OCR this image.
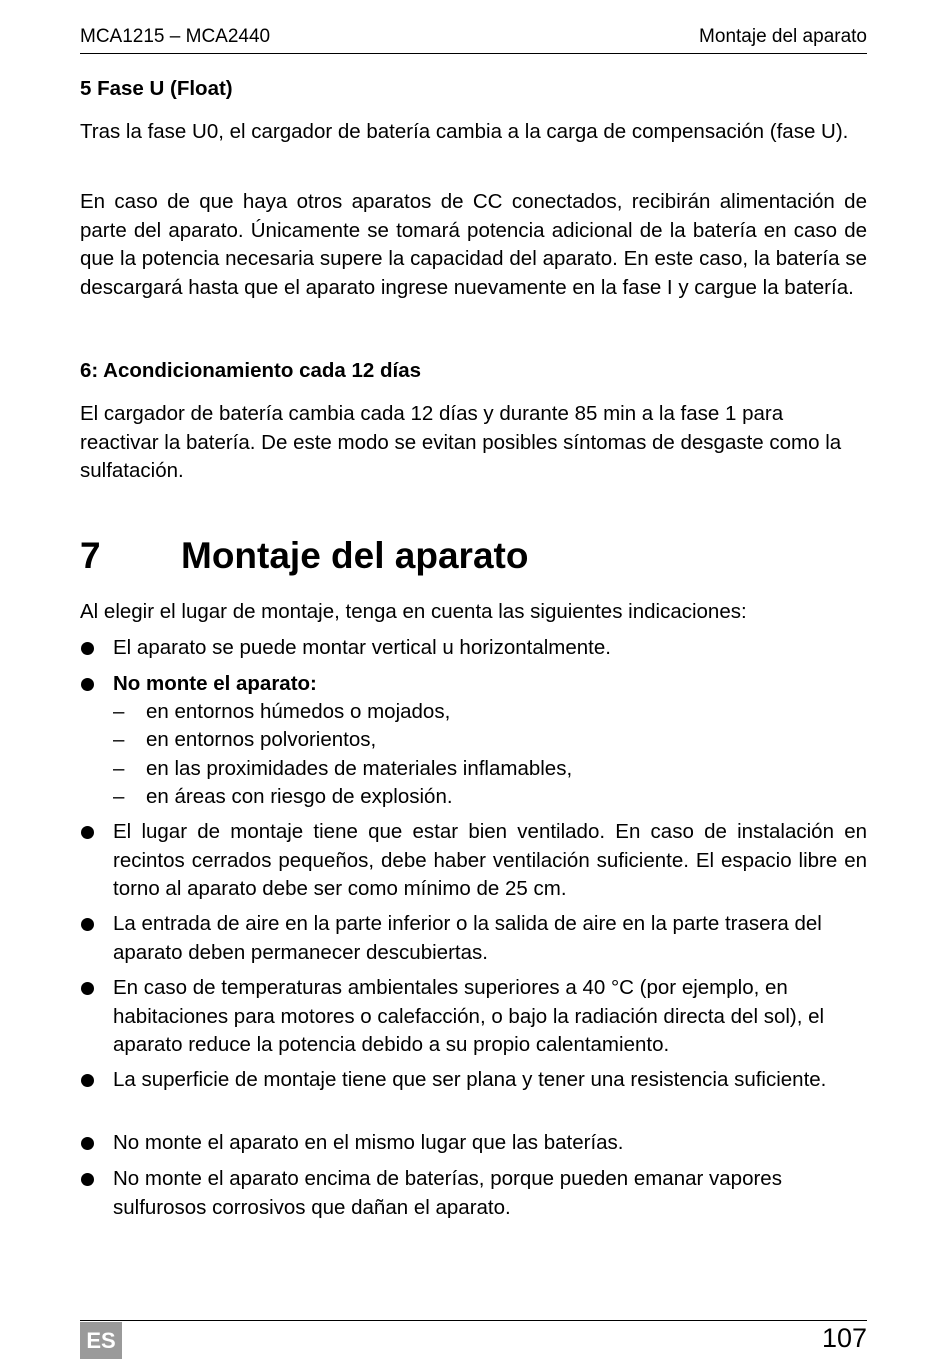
MCA1215 – MCA2440	Montaje del aparato
5 Fase U (Float)
Tras la fase U0, el cargador de batería cambia a la carga de compensación (fase U).
En caso de que haya otros aparatos de CC conectados, recibirán alimentación de parte del aparato. Únicamente se tomará potencia adicional de la batería en caso de que la potencia necesaria supere la capacidad del aparato. En este caso, la batería se descargará hasta que el aparato ingrese nuevamente en la fase I y cargue la batería.
6: Acondicionamiento cada 12 días
El cargador de batería cambia cada 12 días y durante 85 min a la fase 1 para reactivar la batería. De este modo se evitan posibles síntomas de desgaste como la sulfatación.
7 Montaje del aparato
Al elegir el lugar de montaje, tenga en cuenta las siguientes indicaciones:
El aparato se puede montar vertical u horizontalmente.
No monte el aparato:
– en entornos húmedos o mojados,
– en entornos polvorientos,
– en las proximidades de materiales inflamables,
– en áreas con riesgo de explosión.
El lugar de montaje tiene que estar bien ventilado. En caso de instalación en recintos cerrados pequeños, debe haber ventilación suficiente. El espacio libre en torno al aparato debe ser como mínimo de 25 cm.
La entrada de aire en la parte inferior o la salida de aire en la parte trasera del aparato deben permanecer descubiertas.
En caso de temperaturas ambientales superiores a 40 °C (por ejemplo, en habitaciones para motores o calefacción, o bajo la radiación directa del sol), el aparato reduce la potencia debido a su propio calentamiento.
La superficie de montaje tiene que ser plana y tener una resistencia suficiente.
No monte el aparato en el mismo lugar que las baterías.
No monte el aparato encima de baterías, porque pueden emanar vapores sulfurosos corrosivos que dañan el aparato.
ES	107
